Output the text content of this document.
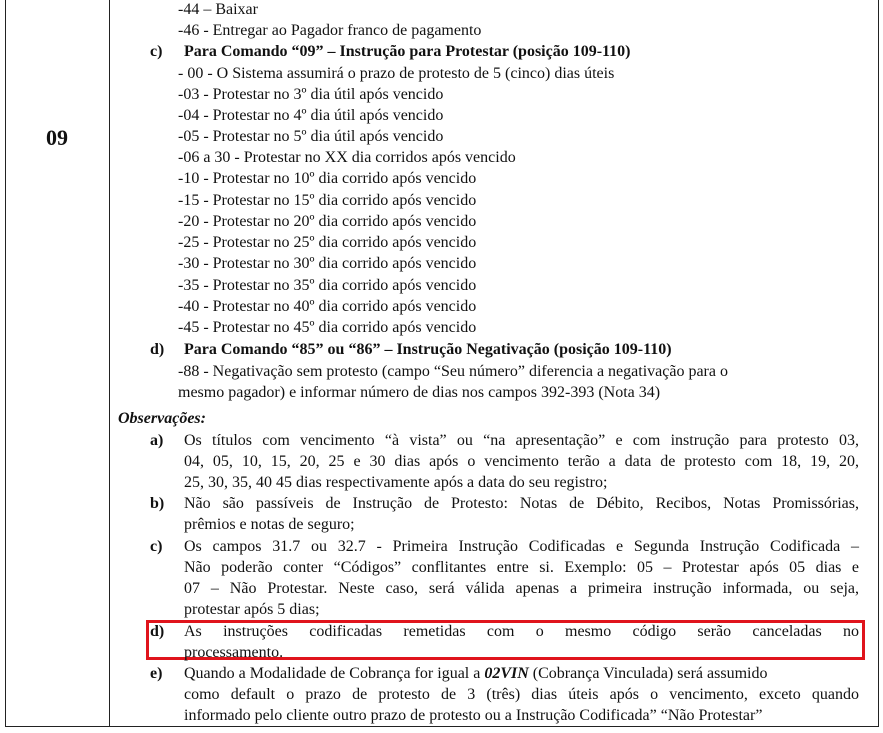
09
-44 – Baixar
-46 - Entregar ao Pagador franco de pagamento
c) Para Comando “09” – Instrução para Protestar (posição 109-110)
- 00 - O Sistema assumirá o prazo de protesto de 5 (cinco) dias úteis
-03 - Protestar no 3º dia útil após vencido
-04 - Protestar no 4º dia útil após vencido
-05 - Protestar no 5º dia útil após vencido
-06 a 30 - Protestar no XX dia corridos após vencido
-10 - Protestar no 10º dia corrido após vencido
-15 - Protestar no 15º dia corrido após vencido
-20 - Protestar no 20º dia corrido após vencido
-25 - Protestar no 25º dia corrido após vencido
-30 - Protestar no 30º dia corrido após vencido
-35 - Protestar no 35º dia corrido após vencido
-40 - Protestar no 40º dia corrido após vencido
-45 - Protestar no 45º dia corrido após vencido
d) Para Comando “85” ou “86” – Instrução Negativação (posição 109-110)
-88 - Negativação sem protesto (campo “Seu número” diferencia a negativação para o
mesmo pagador) e informar número de dias nos campos 392-393 (Nota 34)
Observações:
a) Os títulos com vencimento “à vista” ou “na apresentação” e com instrução para protesto 03,
04, 05, 10, 15, 20, 25 e 30 dias após o vencimento terão a data de protesto com 18, 19, 20,
25, 30, 35, 40 45 dias respectivamente após a data do seu registro;
b) Não são passíveis de Instrução de Protesto: Notas de Débito, Recibos, Notas Promissórias,
prêmios e notas de seguro;
c) Os campos 31.7 ou 32.7 - Primeira Instrução Codificadas e Segunda Instrução Codificada –
Não poderão conter “Códigos” conflitantes entre si. Exemplo: 05 – Protestar após 05 dias e
07 – Não Protestar. Neste caso, será válida apenas a primeira instrução informada, ou seja,
protestar após 5 dias;
d) As instruções codificadas remetidas com o mesmo código serão canceladas no
processamento.
e) Quando a Modalidade de Cobrança for igual a 02VIN (Cobrança Vinculada) será assumido
como default o prazo de protesto de 3 (três) dias úteis após o vencimento, exceto quando
informado pelo cliente outro prazo de protesto ou a Instrução Codificada” “Não Protestar”
